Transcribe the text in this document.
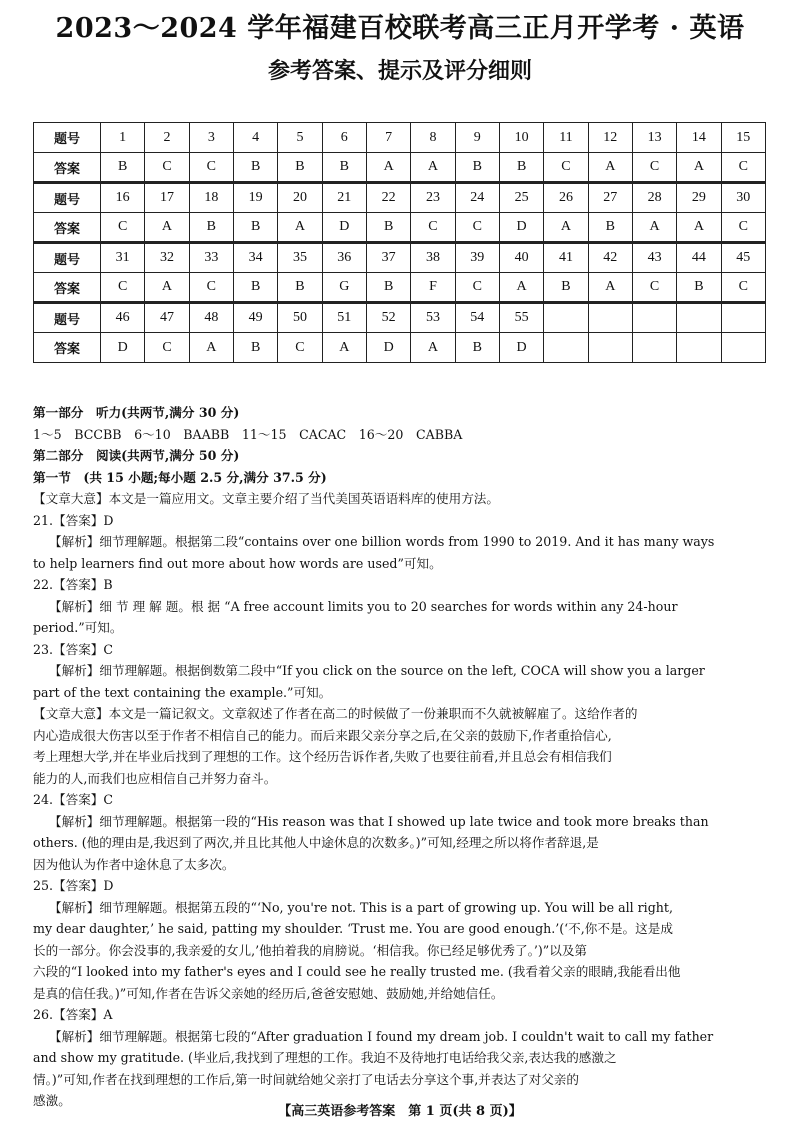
2023～2024 学年福建百校联考高三正月开学考 · 英语
参考答案、提示及评分细则
题号	1	2	3	4	5	6	7	8	9	10	11	12	13	14	15
答案	B	C	C	B	B	B	A	A	B	B	C	A	C	A	C
题号	16	17	18	19	20	21	22	23	24	25	26	27	28	29	30
答案	C	A	B	B	A	D	B	C	C	D	A	B	A	A	C
题号	31	32	33	34	35	36	37	38	39	40	41	42	43	44	45
答案	C	A	C	B	B	G	B	F	C	A	B	A	C	B	C
题号	46	47	48	49	50	51	52	53	54	55					
答案	D	C	A	B	C	A	D	A	B	D					

第一部分　听力(共两节,满分 30 分)

1～5　BCCBB　6～10　BAABB　11～15　CACAC　16～20　CABBA

第二部分　阅读(共两节,满分 50 分)

第一节　(共 15 小题;每小题 2.5 分,满分 37.5 分)

【文章大意】本文是一篇应用文。文章主要介绍了当代美国英语语料库的使用方法。

21.【答案】D

【解析】细节理解题。根据第二段“contains over one billion words from 1990 to 2019. And it has many ways

to help learners find out more about how words are used”可知。

22.【答案】B

【解析】细 节 理 解 题。根 据 “A free account limits you to 20 searches for words within any 24-hour

period.”可知。

23.【答案】C

【解析】细节理解题。根据倒数第二段中“If you click on the source on the left, COCA will show you a larger

part of the text containing the example.”可知。

【文章大意】本文是一篇记叙文。文章叙述了作者在高二的时候做了一份兼职而不久就被解雇了。这给作者的

内心造成很大伤害以至于作者不相信自己的能力。而后来跟父亲分享之后,在父亲的鼓励下,作者重拾信心,

考上理想大学,并在毕业后找到了理想的工作。这个经历告诉作者,失败了也要往前看,并且总会有相信我们

能力的人,而我们也应相信自己并努力奋斗。

24.【答案】C

【解析】细节理解题。根据第一段的“His reason was that I showed up late twice and took more breaks than

others. (他的理由是,我迟到了两次,并且比其他人中途休息的次数多。)”可知,经理之所以将作者辞退,是

因为他认为作者中途休息了太多次。

25.【答案】D

【解析】细节理解题。根据第五段的“‘No, you're not. This is a part of growing up. You will be all right,

my dear daughter,’ he said, patting my shoulder. ‘Trust me. You are good enough.’(‘不,你不是。这是成

长的一部分。你会没事的,我亲爱的女儿,’他拍着我的肩膀说。‘相信我。你已经足够优秀了。’)”以及第

六段的“I looked into my father's eyes and I could see he really trusted me. (我看着父亲的眼睛,我能看出他

是真的信任我。)”可知,作者在告诉父亲她的经历后,爸爸安慰她、鼓励她,并给她信任。

26.【答案】A

【解析】细节理解题。根据第七段的“After graduation I found my dream job. I couldn't wait to call my father

and show my gratitude. (毕业后,我找到了理想的工作。我迫不及待地打电话给我父亲,表达我的感激之

情。)”可知,作者在找到理想的工作后,第一时间就给她父亲打了电话去分享这个事,并表达了对父亲的

感激。

【高三英语参考答案　第 1 页(共 8 页)】
